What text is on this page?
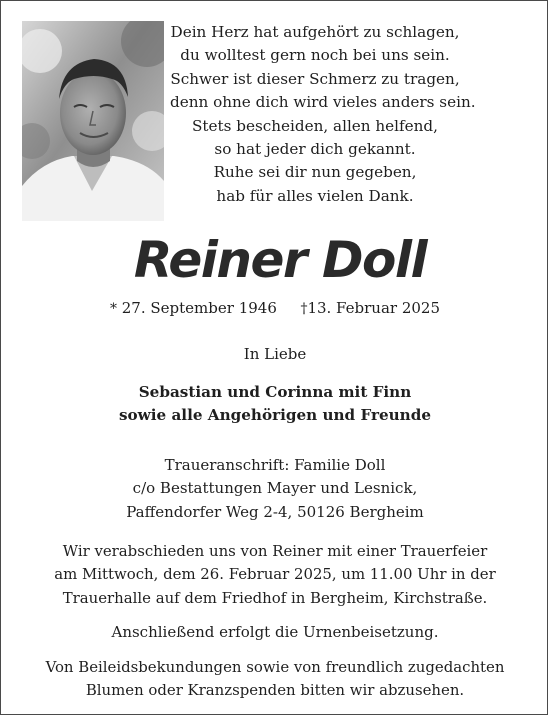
Dein Herz hat aufgehört zu schlagen,
du wolltest gern noch bei uns sein.
Schwer ist dieser Schmerz zu tragen,
denn ohne dich wird vieles anders sein.
Stets bescheiden, allen helfend,
so hat jeder dich gekannt.
Ruhe sei dir nun gegeben,
hab für alles vielen Dank.
Reiner Doll
* 27. September 1946 †13. Februar 2025
In Liebe
Sebastian und Corinna mit Finn
sowie alle Angehörigen und Freunde
Traueranschrift: Familie Doll
c/o Bestattungen Mayer und Lesnick,
Paffendorfer Weg 2-4, 50126 Bergheim
Wir verabschieden uns von Reiner mit einer Trauerfeier
am Mittwoch, dem 26. Februar 2025, um 11.00 Uhr in der
Trauerhalle auf dem Friedhof in Bergheim, Kirchstraße.
Anschließend erfolgt die Urnenbeisetzung.
Von Beileidsbekundungen sowie von freundlich zugedachten
Blumen oder Kranzspenden bitten wir abzusehen.
